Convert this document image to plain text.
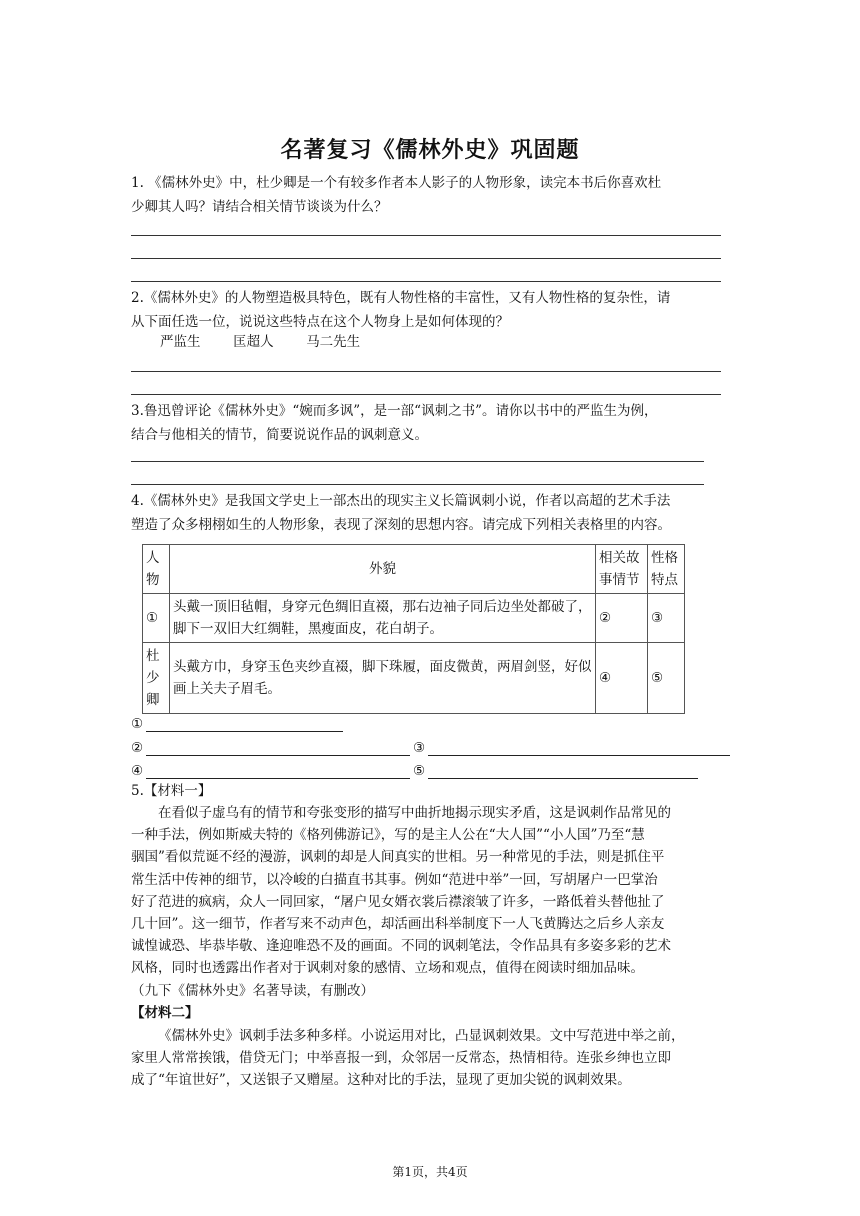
名著复习《儒林外史》巩固题
1. 《儒林外史》中，杜少卿是一个有较多作者本人影子的人物形象，读完本书后你喜欢杜
少卿其人吗？请结合相关情节谈谈为什么？
2.《儒林外史》的人物塑造极具特色，既有人物性格的丰富性，又有人物性格的复杂性，请
从下面任选一位，说说这些特点在这个人物身上是如何体现的？
严监生 匡超人 马二先生
3.鲁迅曾评论《儒林外史》“婉而多讽”，是一部“讽刺之书”。请你以书中的严监生为例，
结合与他相关的情节，简要说说作品的讽刺意义。
4.《儒林外史》是我国文学史上一部杰出的现实主义长篇讽刺小说，作者以高超的艺术手法
塑造了众多栩栩如生的人物形象，表现了深刻的思想内容。请完成下列相关表格里的内容。
人物	外貌	相关故事情节	性格特点
①	头戴一顶旧毡帽，身穿元色绸旧直裰，那右边袖子同后边坐处都破了，脚下一双旧大红绸鞋，黑瘦面皮，花白胡子。	②	③
杜少卿	头戴方巾，身穿玉色夹纱直裰，脚下珠履，面皮微黄，两眉剑竖，好似画上关夫子眉毛。	④	⑤
①
②	③
④	⑤
5.【材料一】
在看似子虚乌有的情节和夸张变形的描写中曲折地揭示现实矛盾，这是讽刺作品常见的
一种手法，例如斯威夫特的《格列佛游记》，写的是主人公在“大人国”“小人国”乃至“慧
骃国”看似荒诞不经的漫游，讽刺的却是人间真实的世相。另一种常见的手法，则是抓住平
常生活中传神的细节，以冷峻的白描直书其事。例如“范进中举”一回，写胡屠户一巴掌治
好了范进的疯病，众人一同回家，“屠户见女婿衣裳后襟滚皱了许多，一路低着头替他扯了
几十回”。这一细节，作者写来不动声色，却活画出科举制度下一人飞黄腾达之后乡人亲友
诚惶诚恐、毕恭毕敬、逢迎唯恐不及的画面。不同的讽刺笔法，令作品具有多姿多彩的艺术
风格，同时也透露出作者对于讽刺对象的感情、立场和观点，值得在阅读时细加品味。
（九下《儒林外史》名著导读，有删改）
【材料二】
《儒林外史》讽刺手法多种多样。小说运用对比，凸显讽刺效果。文中写范进中举之前，
家里人常常挨饿，借贷无门；中举喜报一到，众邻居一反常态，热情相待。连张乡绅也立即
成了“年谊世好”，又送银子又赠屋。这种对比的手法，显现了更加尖锐的讽刺效果。
第1页，共4页
